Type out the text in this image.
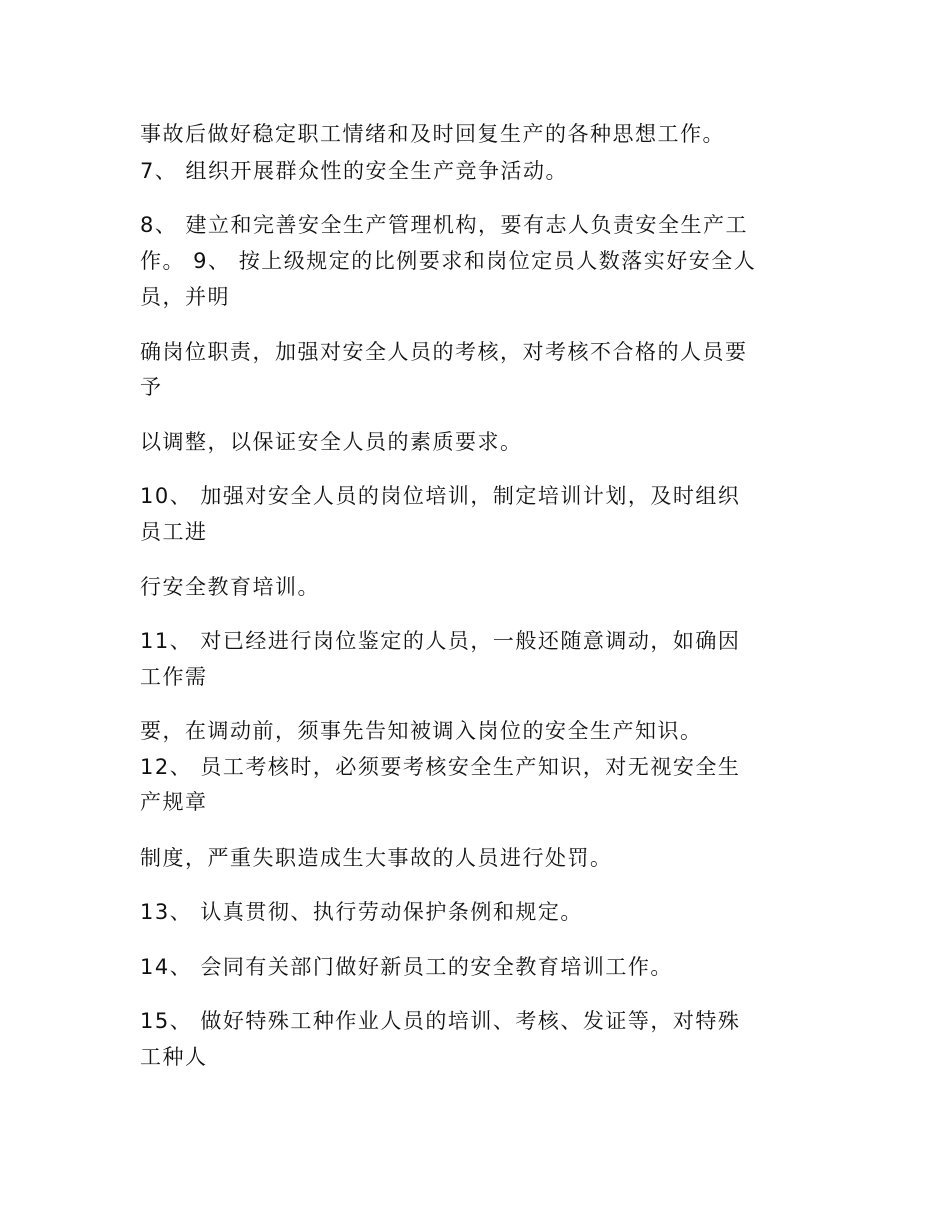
事故后做好稳定职工情绪和及时回复生产的各种思想工作。
7、 组织开展群众性的安全生产竞争活动。
8、 建立和完善安全生产管理机构，要有志人负责安全生产工
作。 9、 按上级规定的比例要求和岗位定员人数落实好安全人
员，并明
确岗位职责，加强对安全人员的考核，对考核不合格的人员要
予
以调整，以保证安全人员的素质要求。
10、 加强对安全人员的岗位培训，制定培训计划，及时组织
员工进
行安全教育培训。
11、 对已经进行岗位鉴定的人员，一般还随意调动，如确因
工作需
要，在调动前，须事先告知被调入岗位的安全生产知识。
12、 员工考核时，必须要考核安全生产知识，对无视安全生
产规章
制度，严重失职造成生大事故的人员进行处罚。
13、 认真贯彻、执行劳动保护条例和规定。
14、 会同有关部门做好新员工的安全教育培训工作。
15、 做好特殊工种作业人员的培训、考核、发证等，对特殊
工种人
